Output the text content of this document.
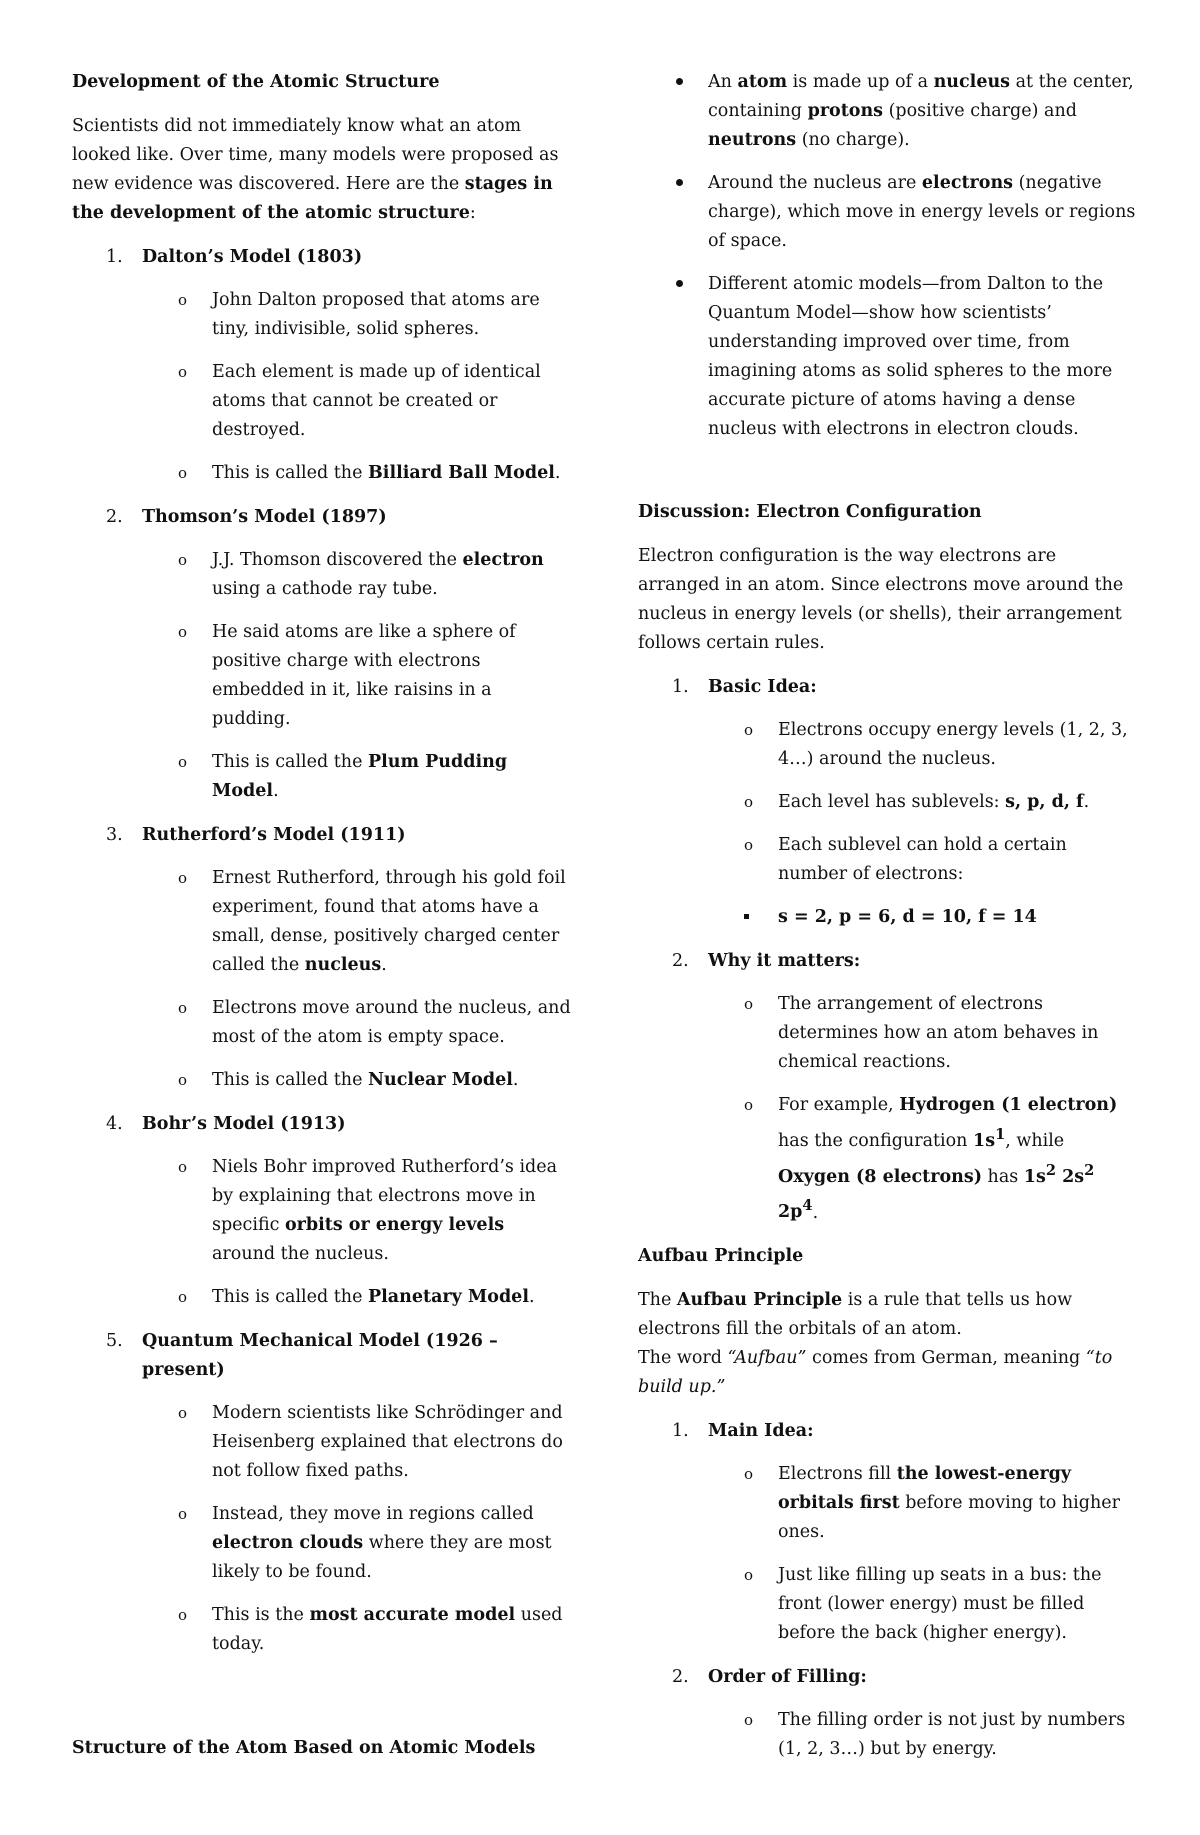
Development of the Atomic Structure

Scientists did not immediately know what an atom looked like. Over time, many models were proposed as new evidence was discovered. Here are the stages in the development of the atomic structure:

1. Dalton’s Model (1803)
o John Dalton proposed that atoms are tiny, indivisible, solid spheres.
o Each element is made up of identical atoms that cannot be created or destroyed.
o This is called the Billiard Ball Model.
2. Thomson’s Model (1897)
o J.J. Thomson discovered the electron using a cathode ray tube.
o He said atoms are like a sphere of positive charge with electrons embedded in it, like raisins in a pudding.
o This is called the Plum Pudding Model.
3. Rutherford’s Model (1911)
o Ernest Rutherford, through his gold foil experiment, found that atoms have a small, dense, positively charged center called the nucleus.
o Electrons move around the nucleus, and most of the atom is empty space.
o This is called the Nuclear Model.
4. Bohr’s Model (1913)
o Niels Bohr improved Rutherford’s idea by explaining that electrons move in specific orbits or energy levels around the nucleus.
o This is called the Planetary Model.
5. Quantum Mechanical Model (1926 – present)
o Modern scientists like Schrödinger and Heisenberg explained that electrons do not follow fixed paths.
o Instead, they move in regions called electron clouds where they are most likely to be found.
o This is the most accurate model used today.
Structure of the Atom Based on Atomic Models
An atom is made up of a nucleus at the center, containing protons (positive charge) and neutrons (no charge).
Around the nucleus are electrons (negative charge), which move in energy levels or regions of space.
Different atomic models—from Dalton to the Quantum Model—show how scientists’ understanding improved over time, from imagining atoms as solid spheres to the more accurate picture of atoms having a dense nucleus with electrons in electron clouds.
Discussion: Electron Configuration

Electron configuration is the way electrons are arranged in an atom. Since electrons move around the nucleus in energy levels (or shells), their arrangement follows certain rules.

1. Basic Idea:
o Electrons occupy energy levels (1, 2, 3, 4…) around the nucleus.
o Each level has sublevels: s, p, d, f.
o Each sublevel can hold a certain number of electrons:
s = 2, p = 6, d = 10, f = 14
2. Why it matters:
o The arrangement of electrons determines how an atom behaves in chemical reactions.
o For example, Hydrogen (1 electron) has the configuration $1s^1$, while Oxygen (8 electrons) has $1s^2$ $2s^2$ $2p^4$.
Aufbau Principle

The Aufbau Principle is a rule that tells us how electrons fill the orbitals of an atom.
The word “Aufbau” comes from German, meaning “to build up.”

1. Main Idea:
o Electrons fill the lowest-energy orbitals first before moving to higher ones.
o Just like filling up seats in a bus: the front (lower energy) must be filled before the back (higher energy).
2. Order of Filling:
o The filling order is not just by numbers (1, 2, 3…) but by energy.
